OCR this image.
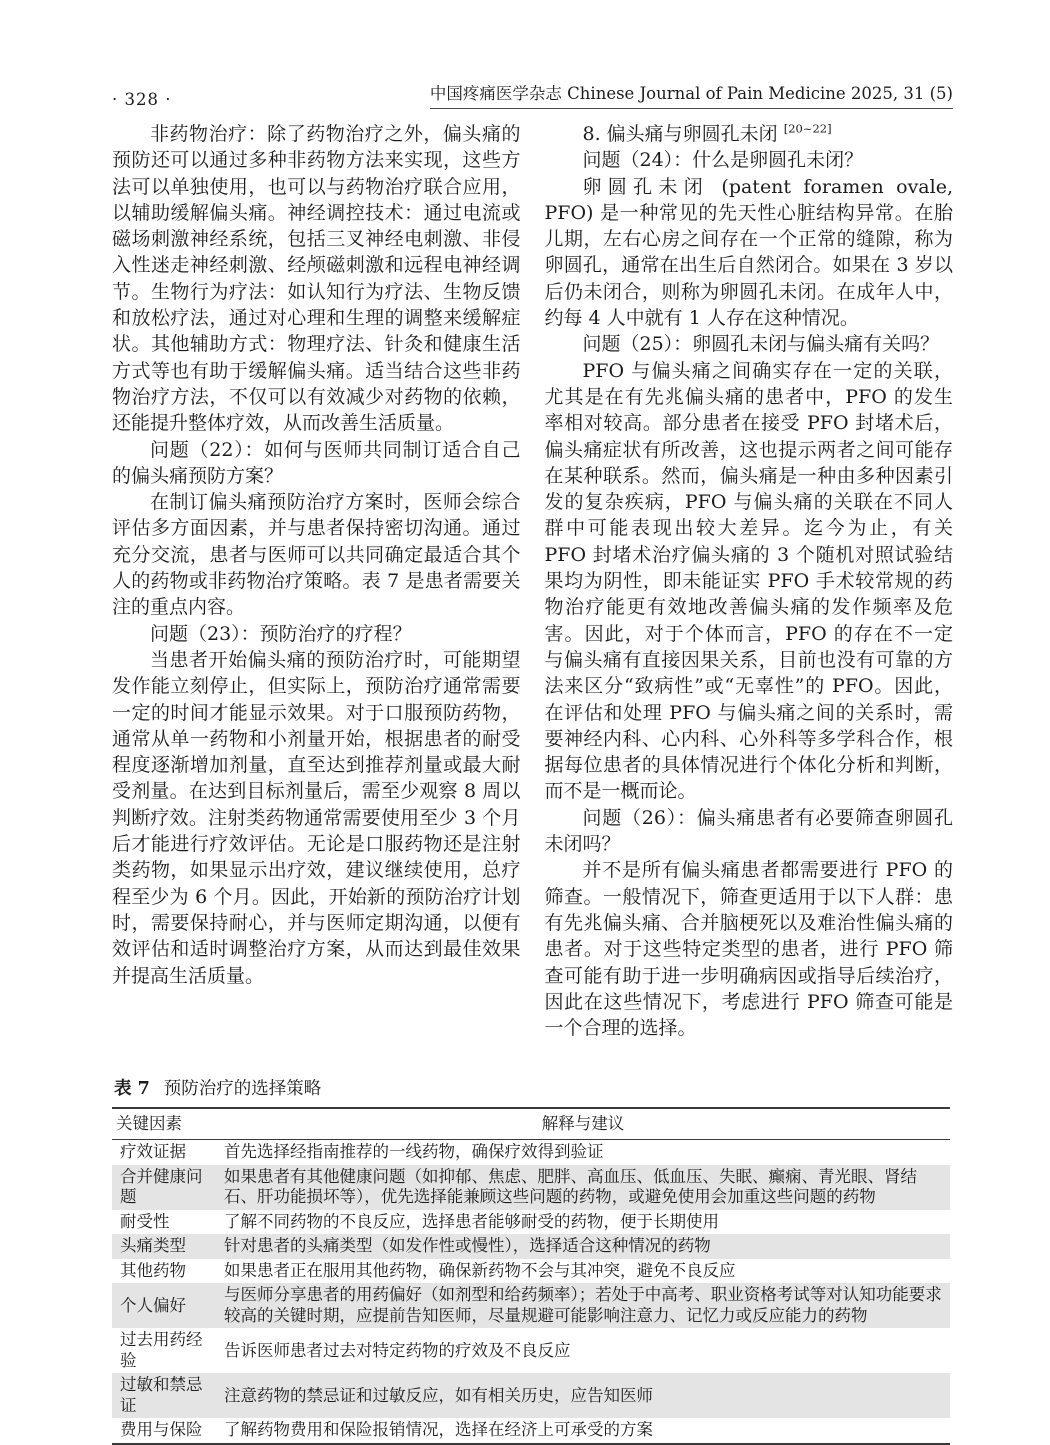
· 328 ·	中国疼痛医学杂志 Chinese Journal of Pain Medicine 2025, 31 (5)

非药物治疗：除了药物治疗之外，偏头痛的预防还可以通过多种非药物方法来实现，这些方法可以单独使用，也可以与药物治疗联合应用，以辅助缓解偏头痛。神经调控技术：通过电流或磁场刺激神经系统，包括三叉神经电刺激、非侵入性迷走神经刺激、经颅磁刺激和远程电神经调节。生物行为疗法：如认知行为疗法、生物反馈和放松疗法，通过对心理和生理的调整来缓解症状。其他辅助方式：物理疗法、针灸和健康生活方式等也有助于缓解偏头痛。适当结合这些非药物治疗方法，不仅可以有效减少对药物的依赖，还能提升整体疗效，从而改善生活质量。

问题（22）：如何与医师共同制订适合自己的偏头痛预防方案？

在制订偏头痛预防治疗方案时，医师会综合评估多方面因素，并与患者保持密切沟通。通过充分交流，患者与医师可以共同确定最适合其个人的药物或非药物治疗策略。表 7 是患者需要关注的重点内容。

问题（23）：预防治疗的疗程？

当患者开始偏头痛的预防治疗时，可能期望发作能立刻停止，但实际上，预防治疗通常需要一定的时间才能显示效果。对于口服预防药物，通常从单一药物和小剂量开始，根据患者的耐受程度逐渐增加剂量，直至达到推荐剂量或最大耐受剂量。在达到目标剂量后，需至少观察 8 周以判断疗效。注射类药物通常需要使用至少 3 个月后才能进行疗效评估。无论是口服药物还是注射类药物，如果显示出疗效，建议继续使用，总疗程至少为 6 个月。因此，开始新的预防治疗计划时，需要保持耐心，并与医师定期沟通，以便有效评估和适时调整治疗方案，从而达到最佳效果并提高生活质量。

8. 偏头痛与卵圆孔未闭 [20~22]

问题（24）：什么是卵圆孔未闭？

卵圆孔未闭 (patent foramen ovale, PFO) 是一种常见的先天性心脏结构异常。在胎儿期，左右心房之间存在一个正常的缝隙，称为卵圆孔，通常在出生后自然闭合。如果在 3 岁以后仍未闭合，则称为卵圆孔未闭。在成年人中，约每 4 人中就有 1 人存在这种情况。

问题（25）：卵圆孔未闭与偏头痛有关吗？

PFO 与偏头痛之间确实存在一定的关联，尤其是在有先兆偏头痛的患者中，PFO 的发生率相对较高。部分患者在接受 PFO 封堵术后，偏头痛症状有所改善，这也提示两者之间可能存在某种联系。然而，偏头痛是一种由多种因素引发的复杂疾病，PFO 与偏头痛的关联在不同人群中可能表现出较大差异。迄今为止，有关 PFO 封堵术治疗偏头痛的 3 个随机对照试验结果均为阴性，即未能证实 PFO 手术较常规的药物治疗能更有效地改善偏头痛的发作频率及危害。因此，对于个体而言，PFO 的存在不一定与偏头痛有直接因果关系，目前也没有可靠的方法来区分“致病性”或“无辜性”的 PFO。因此，在评估和处理 PFO 与偏头痛之间的关系时，需要神经内科、心内科、心外科等多学科合作，根据每位患者的具体情况进行个体化分析和判断，而不是一概而论。

问题（26）：偏头痛患者有必要筛查卵圆孔未闭吗？

并不是所有偏头痛患者都需要进行 PFO 的筛查。一般情况下，筛查更适用于以下人群：患有先兆偏头痛、合并脑梗死以及难治性偏头痛的患者。对于这些特定类型的患者，进行 PFO 筛查可能有助于进一步明确病因或指导后续治疗，因此在这些情况下，考虑进行 PFO 筛查可能是一个合理的选择。

表 7 预防治疗的选择策略

关键因素	解释与建议
疗效证据	首先选择经指南推荐的一线药物，确保疗效得到验证
合并健康问题	如果患者有其他健康问题（如抑郁、焦虑、肥胖、高血压、低血压、失眠、癫痫、青光眼、肾结石、肝功能损坏等），优先选择能兼顾这些问题的药物，或避免使用会加重这些问题的药物
耐受性	了解不同药物的不良反应，选择患者能够耐受的药物，便于长期使用
头痛类型	针对患者的头痛类型（如发作性或慢性），选择适合这种情况的药物
其他药物	如果患者正在服用其他药物，确保新药物不会与其冲突，避免不良反应
个人偏好	与医师分享患者的用药偏好（如剂型和给药频率）；若处于中高考、职业资格考试等对认知功能要求较高的关键时期，应提前告知医师，尽量规避可能影响注意力、记忆力或反应能力的药物
过去用药经验	告诉医师患者过去对特定药物的疗效及不良反应
过敏和禁忌证	注意药物的禁忌证和过敏反应，如有相关历史，应告知医师
费用与保险	了解药物费用和保险报销情况，选择在经济上可承受的方案
